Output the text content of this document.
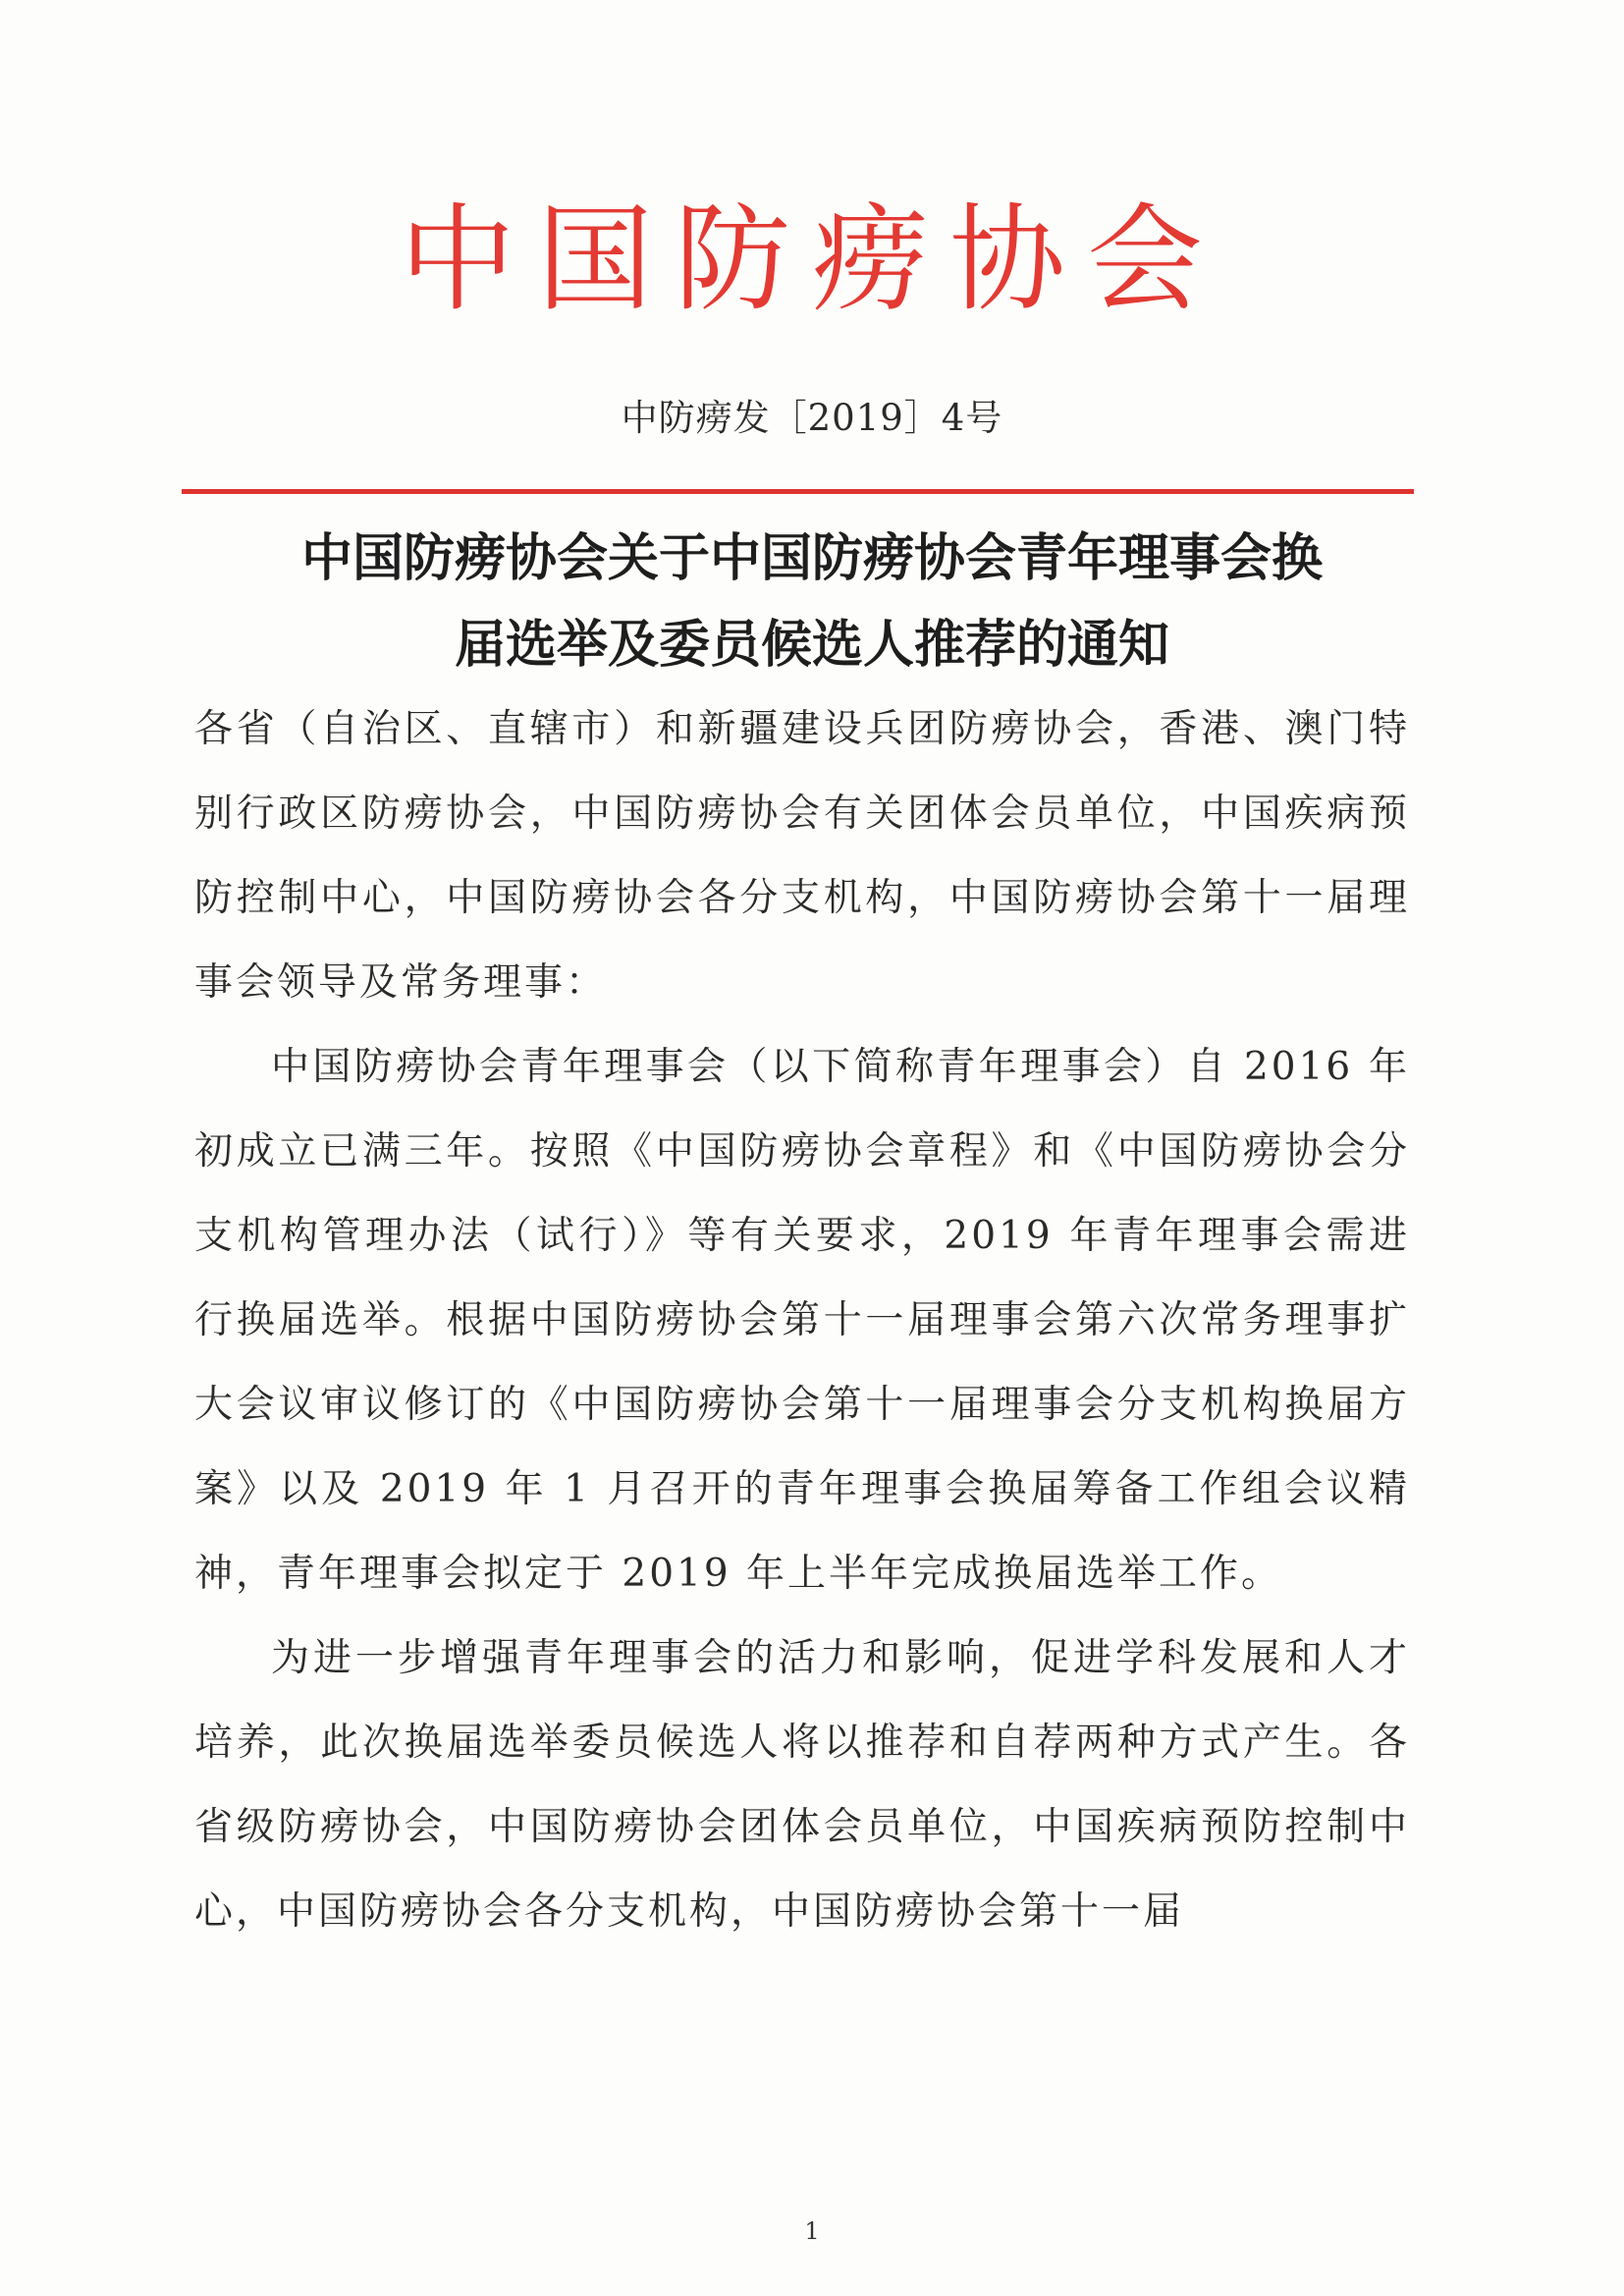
中国防痨协会
中防痨发［2019］4号
中国防痨协会关于中国防痨协会青年理事会换
届选举及委员候选人推荐的通知

各省（自治区、直辖市）和新疆建设兵团防痨协会，香港、澳门特别行政区防痨协会，中国防痨协会有关团体会员单位，中国疾病预防控制中心，中国防痨协会各分支机构，中国防痨协会第十一届理事会领导及常务理事：

中国防痨协会青年理事会（以下简称青年理事会）自 2016 年初成立已满三年。按照《中国防痨协会章程》和《中国防痨协会分支机构管理办法（试行）》等有关要求，2019 年青年理事会需进行换届选举。根据中国防痨协会第十一届理事会第六次常务理事扩大会议审议修订的《中国防痨协会第十一届理事会分支机构换届方案》以及 2019 年 1 月召开的青年理事会换届筹备工作组会议精神，青年理事会拟定于 2019 年上半年完成换届选举工作。

为进一步增强青年理事会的活力和影响，促进学科发展和人才培养，此次换届选举委员候选人将以推荐和自荐两种方式产生。各省级防痨协会，中国防痨协会团体会员单位，中国疾病预防控制中心，中国防痨协会各分支机构，中国防痨协会第十一届

1
